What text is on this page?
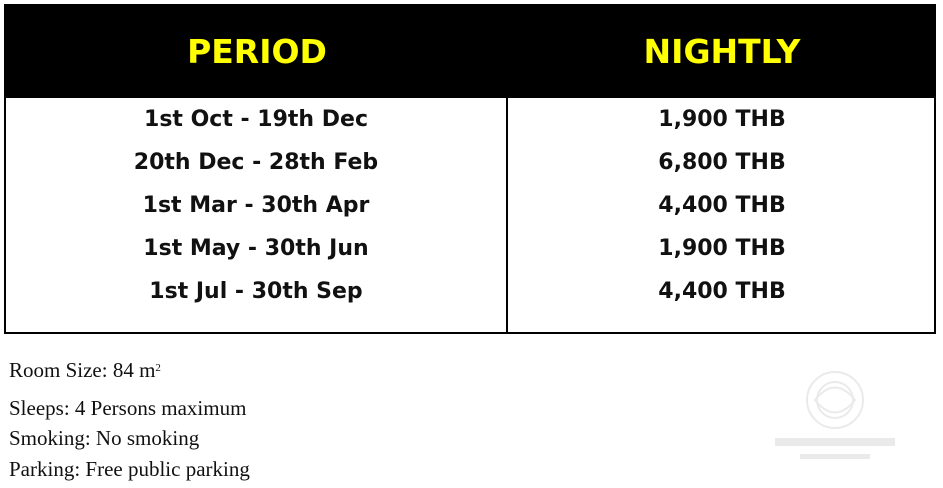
PERIOD	NIGHTLY
1st Oct - 19th Dec	1,900 THB
20th Dec - 28th Feb	6,800 THB
1st Mar - 30th Apr	4,400 THB
1st May - 30th Jun	1,900 THB
1st Jul - 30th Sep	4,400 THB
Room Size: 84 $m^2$
Sleeps: 4 Persons maximum
Smoking: No smoking
Parking: Free public parking
